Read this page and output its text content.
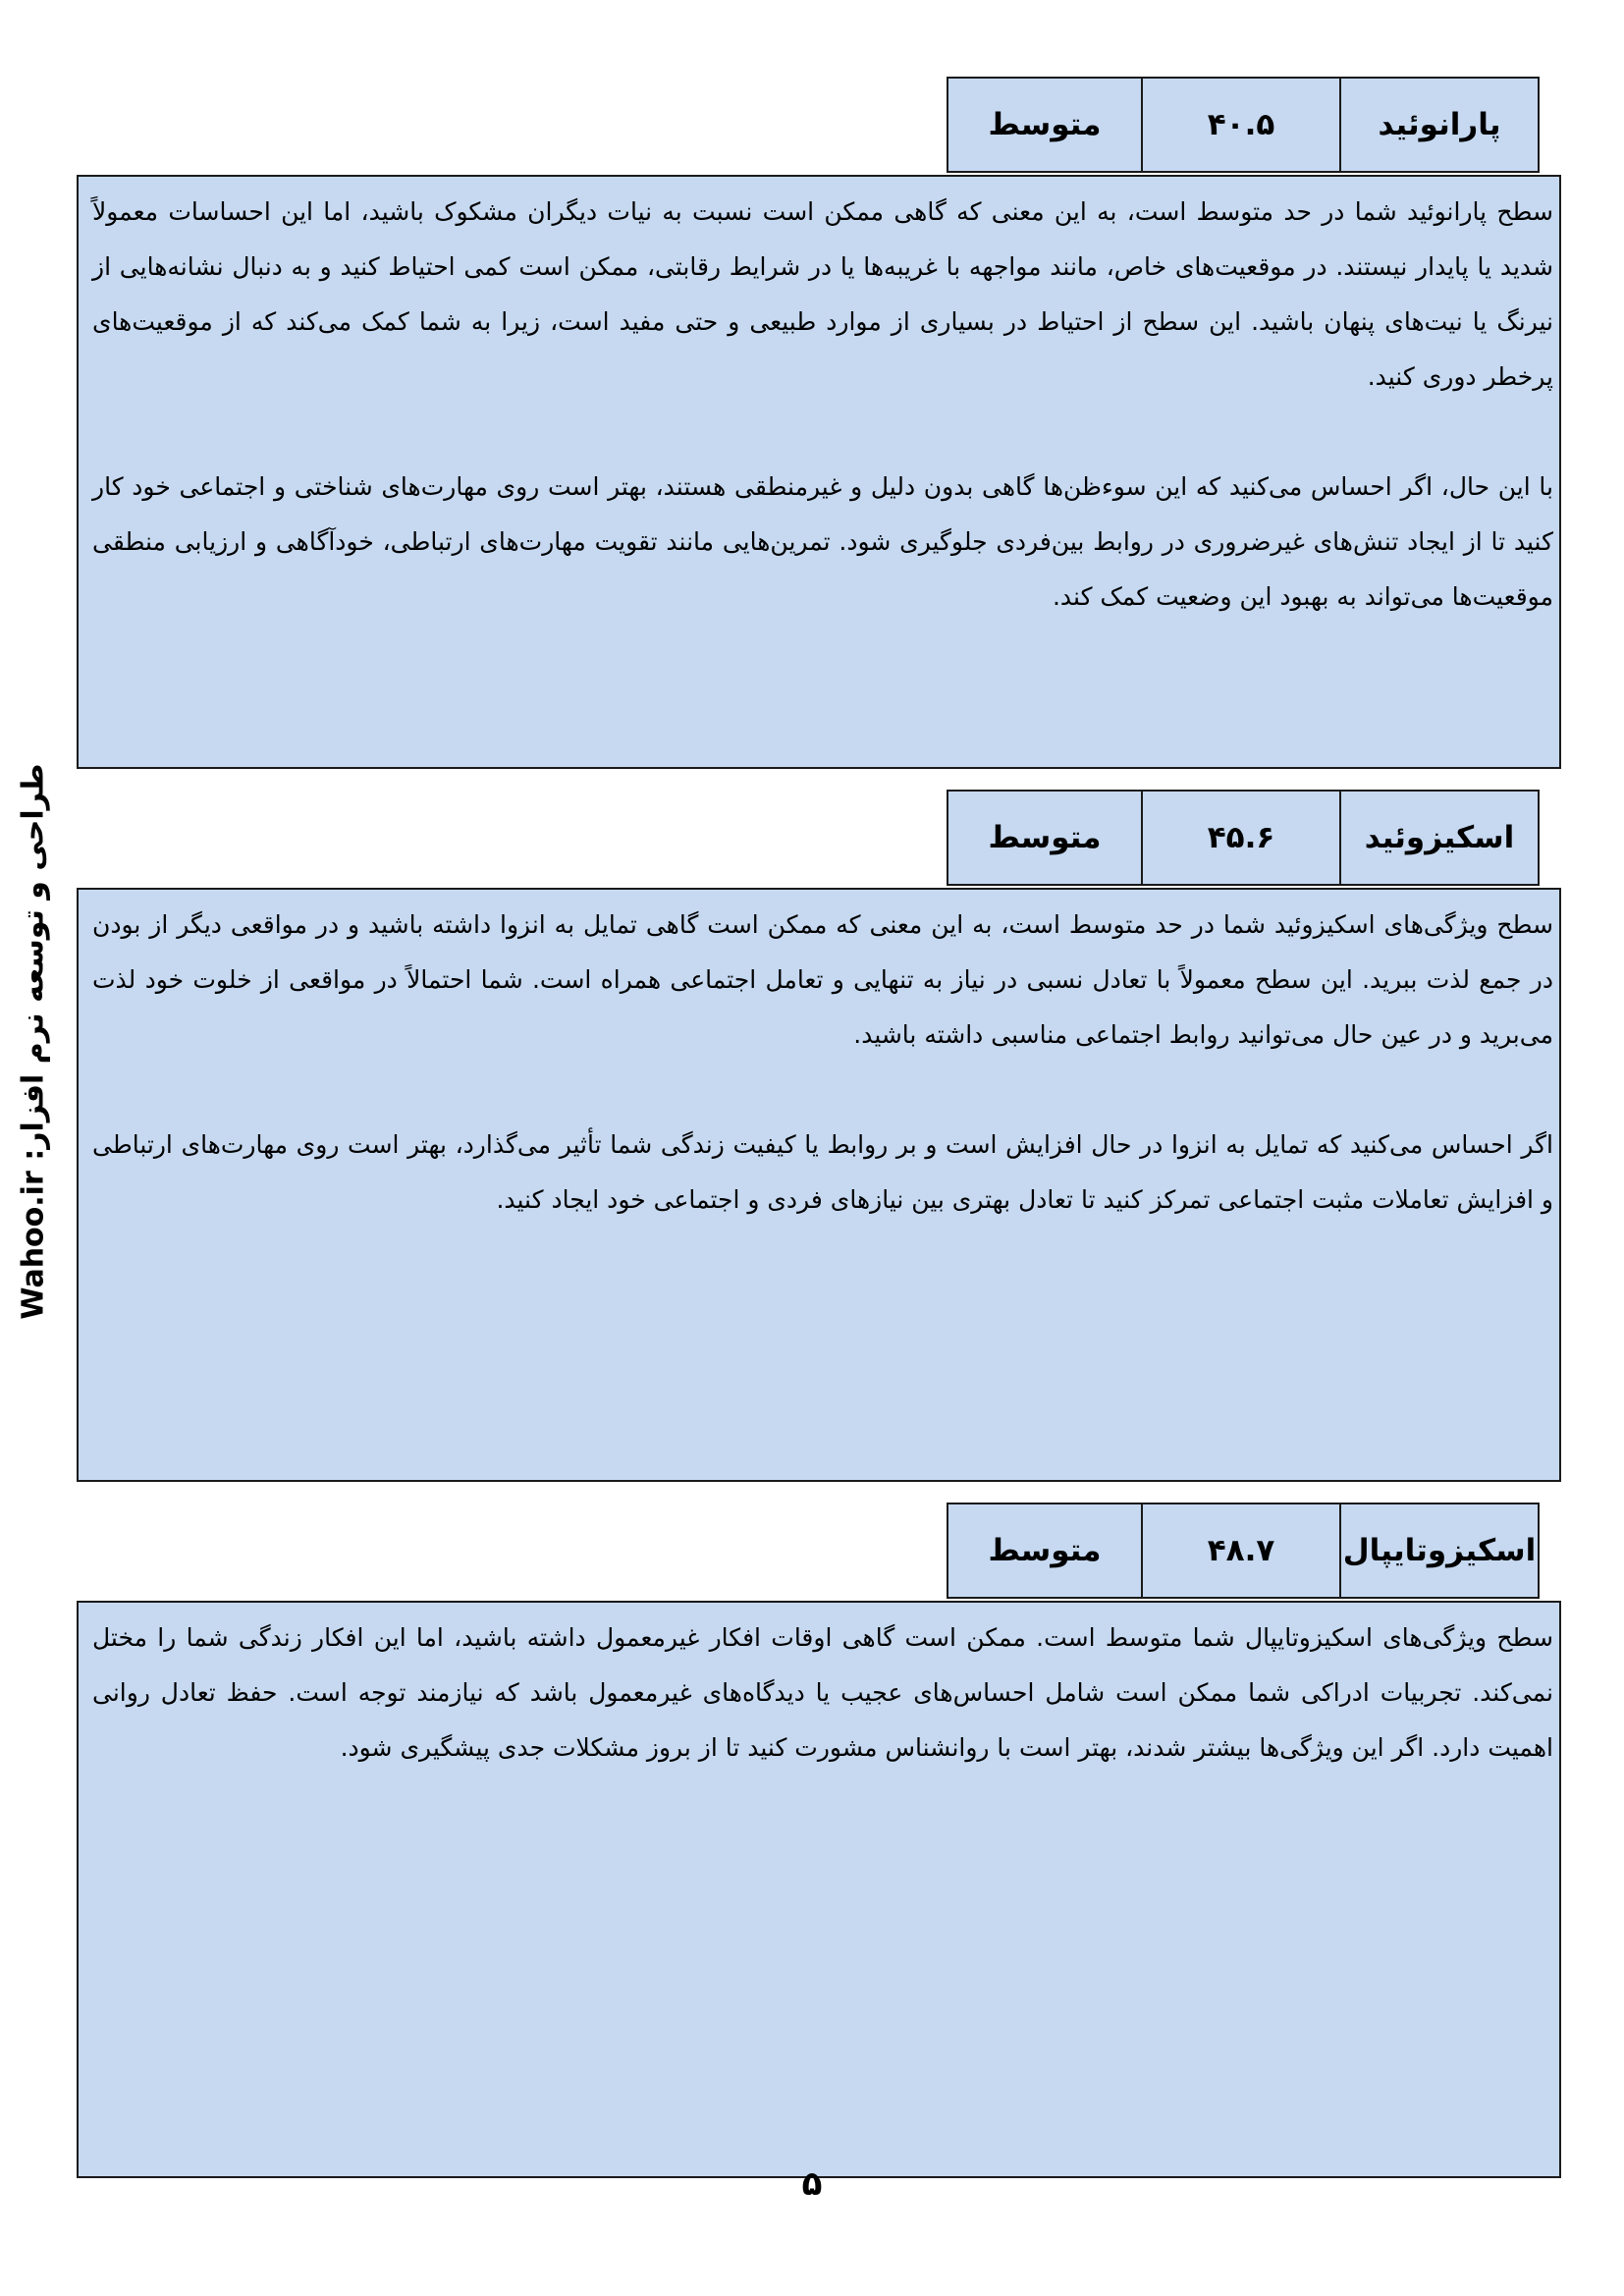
طراحی و توسعه نرم افزار: Wahoo.ir
پارانوئید
۴۰.۵
متوسط

سطح پارانوئید شما در حد متوسط است، به این معنی که گاهی ممکن است نسبت به نیات دیگران مشکوک باشید، اما این احساسات معمولاً شدید یا پایدار نیستند. در موقعیت‌های خاص، مانند مواجهه با غریبه‌ها یا در شرایط رقابتی، ممکن است کمی احتیاط کنید و به دنبال نشانه‌هایی از نیرنگ یا نیت‌های پنهان باشید. این سطح از احتیاط در بسیاری از موارد طبیعی و حتی مفید است، زیرا به شما کمک می‌کند که از موقعیت‌های پرخطر دوری کنید.

با این حال، اگر احساس می‌کنید که این سوءظن‌ها گاهی بدون دلیل و غیرمنطقی هستند، بهتر است روی مهارت‌های شناختی و اجتماعی خود کار کنید تا از ایجاد تنش‌های غیرضروری در روابط بین‌فردی جلوگیری شود. تمرین‌هایی مانند تقویت مهارت‌های ارتباطی، خودآگاهی و ارزیابی منطقی موقعیت‌ها می‌تواند به بهبود این وضعیت کمک کند.

اسکیزوئید
۴۵.۶
متوسط

سطح ویژگی‌های اسکیزوئید شما در حد متوسط است، به این معنی که ممکن است گاهی تمایل به انزوا داشته باشید و در مواقعی دیگر از بودن در جمع لذت ببرید. این سطح معمولاً با تعادل نسبی در نیاز به تنهایی و تعامل اجتماعی همراه است. شما احتمالاً در مواقعی از خلوت خود لذت می‌برید و در عین حال می‌توانید روابط اجتماعی مناسبی داشته باشید.

اگر احساس می‌کنید که تمایل به انزوا در حال افزایش است و بر روابط یا کیفیت زندگی شما تأثیر می‌گذارد، بهتر است روی مهارت‌های ارتباطی و افزایش تعاملات مثبت اجتماعی تمرکز کنید تا تعادل بهتری بین نیازهای فردی و اجتماعی خود ایجاد کنید.

اسکیزوتایپال
۴۸.۷
متوسط

سطح ویژگی‌های اسکیزوتایپال شما متوسط است. ممکن است گاهی اوقات افکار غیرمعمول داشته باشید، اما این افکار زندگی شما را مختل نمی‌کند. تجربیات ادراکی شما ممکن است شامل احساس‌های عجیب یا دیدگاه‌های غیرمعمول باشد که نیازمند توجه است. حفظ تعادل روانی اهمیت دارد. اگر این ویژگی‌ها بیشتر شدند، بهتر است با روانشناس مشورت کنید تا از بروز مشکلات جدی پیشگیری شود.

۵
